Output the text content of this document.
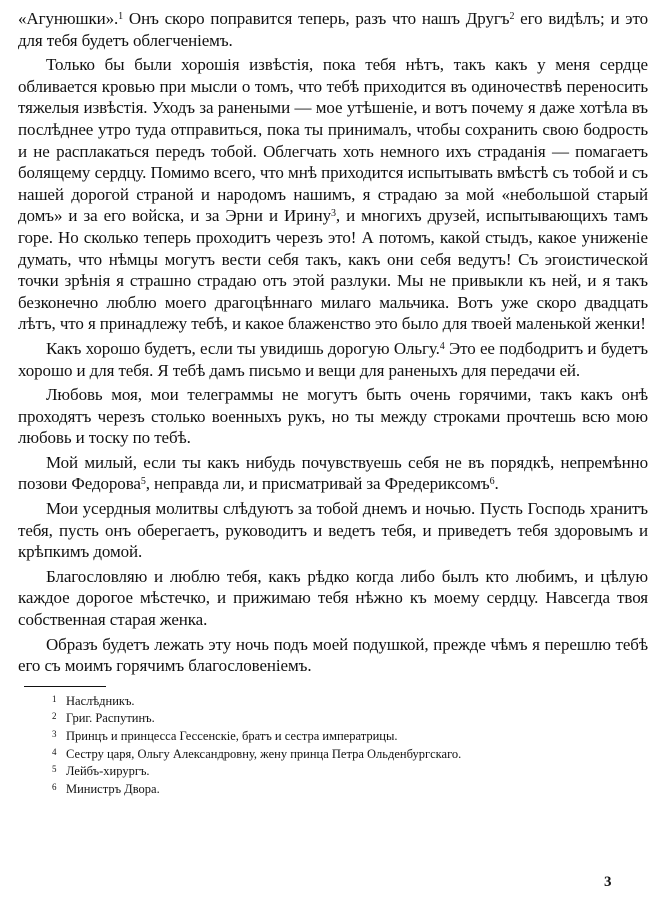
«Агунюшки».$^1$ Онъ скоро поправится теперь, разъ что нашъ Другъ$^2$ его видѣлъ; и это для тебя будетъ облегченіемъ.

Только бы были хорошія извѣстія, пока тебя нѣтъ, такъ какъ у меня сердце обливается кровью при мысли о томъ, что тебѣ приходится въ одиночествѣ переносить тяжелыя извѣстія. Уходъ за ранеными — мое утѣшеніе, и вотъ почему я даже хотѣла въ послѣднее утро туда отправиться, пока ты принималъ, чтобы сохранить свою бодрость и не расплакаться передъ тобой. Облегчать хоть немного ихъ страданія — помагаетъ болящему сердцу. Помимо всего, что мнѣ приходится испытывать вмѣстѣ съ тобой и съ нашей дорогой страной и народомъ нашимъ, я страдаю за мой «небольшой старый домъ» и за его войска, и за Эрни и Ирину$^3$, и многихъ друзей, испытывающихъ тамъ горе. Но сколько теперь проходитъ черезъ это! А потомъ, какой стыдъ, какое униженіе думать, что нѣмцы могутъ вести себя такъ, какъ они себя ведутъ! Съ эгоистической точки зрѣнія я страшно страдаю отъ этой разлуки. Мы не привыкли къ ней, и я такъ безконечно люблю моего драгоцѣннаго милаго мальчика. Вотъ уже скоро двадцать лѣтъ, что я принадлежу тебѣ, и какое блаженство это было для твоей маленькой женки!

Какъ хорошо будетъ, если ты увидишь дорогую Ольгу.$^4$ Это ее подбодритъ и будетъ хорошо и для тебя. Я тебѣ дамъ письмо и вещи для раненыхъ для передачи ей.

Любовь моя, мои телеграммы не могутъ быть очень горячими, такъ какъ онѣ проходятъ черезъ столько военныхъ рукъ, но ты между строками прочтешь всю мою любовь и тоску по тебѣ.

Мой милый, если ты какъ нибудь почувствуешь себя не въ порядкѣ, непремѣнно позови Федорова$^5$, неправда ли, и присматривай за Фредериксомъ$^6$.

Мои усердныя молитвы слѣдуютъ за тобой днемъ и ночью. Пусть Господь хранитъ тебя, пусть онъ оберегаетъ, руководитъ и ведетъ тебя, и приведетъ тебя здоровымъ и крѣпкимъ домой.

Благословляю и люблю тебя, какъ рѣдко когда либо былъ кто любимъ, и цѣлую каждое дорогое мѣстечко, и прижимаю тебя нѣжно къ моему сердцу. Навсегда твоя собственная старая женка.

Образъ будетъ лежать эту ночь подъ моей подушкой, прежде чѣмъ я перешлю тебѣ его съ моимъ горячимъ благословеніемъ.

1 Наслѣдникъ.
2 Григ. Распутинъ.
3 Принцъ и принцесса Гессенскіе, братъ и сестра императрицы.
4 Сестру царя, Ольгу Александровну, жену принца Петра Ольденбургскаго.
5 Лейбъ-хирургъ.
6 Министръ Двора.
3
